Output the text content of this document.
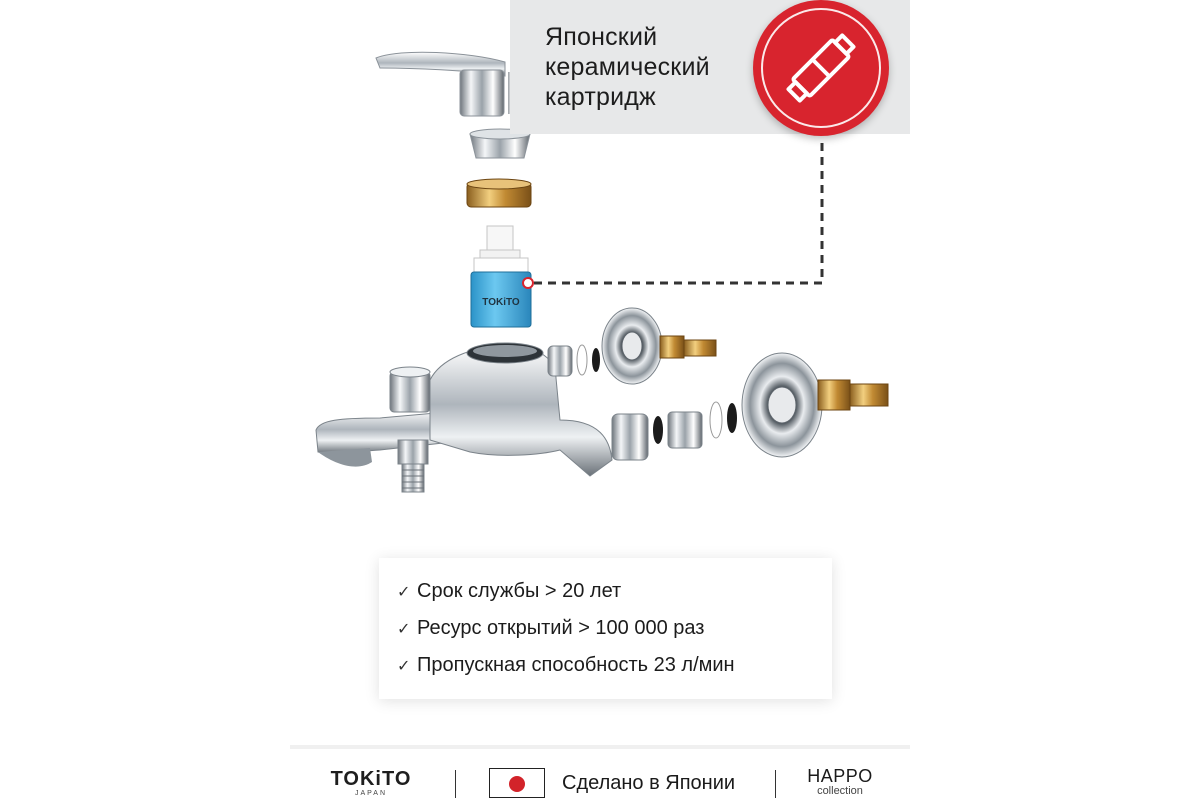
TOKiTO
Японский
керамический
картридж
✓ Срок службы > 20 лет
✓ Ресурс открытий > 100 000 раз
✓ Пропускная способность 23 л/мин
TOKiTO
JAPAN	Сделано в Японии	HAPPO
collection
